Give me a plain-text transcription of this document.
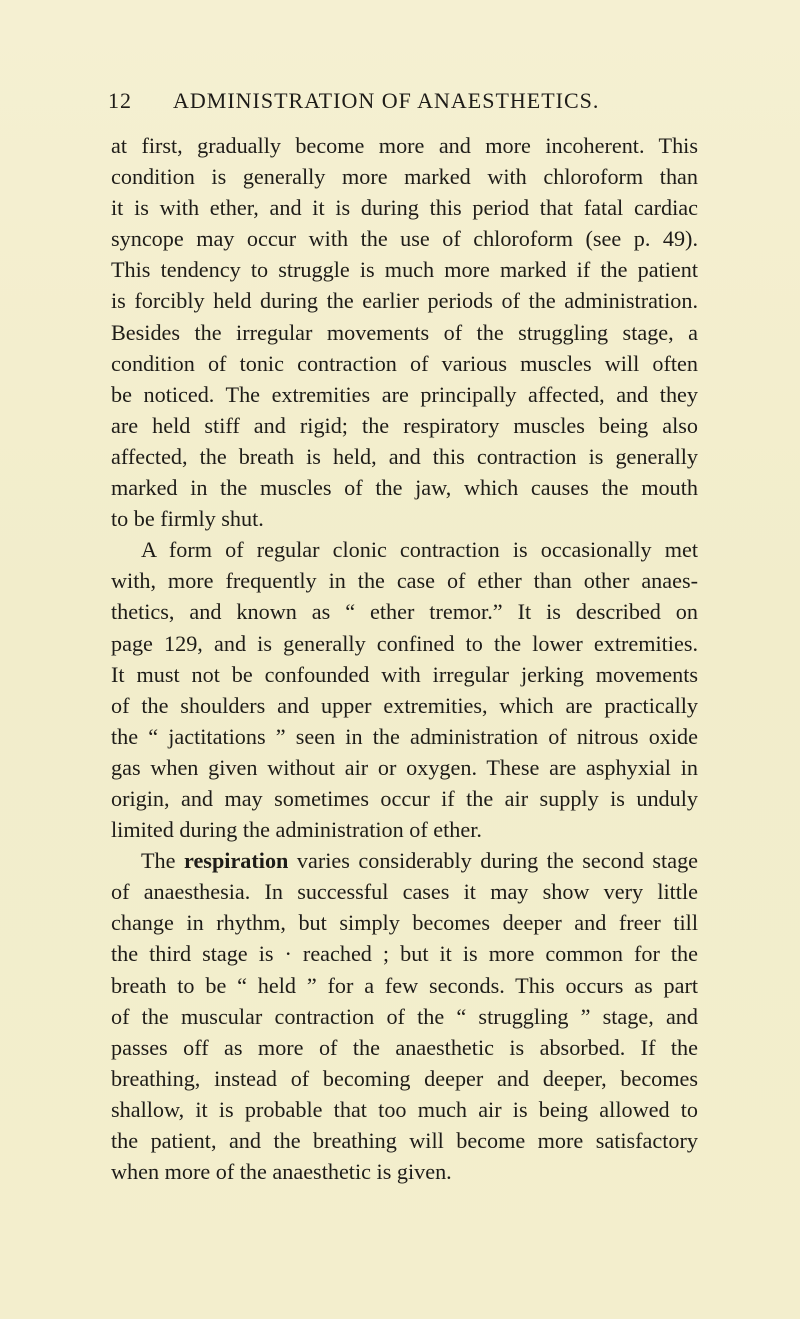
12 ADMINISTRATION OF ANAESTHETICS.
at first, gradually become more and more incoherent. This
condition is generally more marked with chloroform than
it is with ether, and it is during this period that fatal cardiac
syncope may occur with the use of chloroform (see p. 49).
This tendency to struggle is much more marked if the patient
is forcibly held during the earlier periods of the administration.
Besides the irregular movements of the struggling stage, a
condition of tonic contraction of various muscles will often
be noticed. The extremities are principally affected, and they
are held stiff and rigid; the respiratory muscles being also
affected, the breath is held, and this contraction is generally
marked in the muscles of the jaw, which causes the mouth
to be firmly shut.
A form of regular clonic contraction is occasionally met
with, more frequently in the case of ether than other anaes-
thetics, and known as “ ether tremor.” It is described on
page 129, and is generally confined to the lower extremities.
It must not be confounded with irregular jerking movements
of the shoulders and upper extremities, which are practically
the “ jactitations ” seen in the administration of nitrous oxide
gas when given without air or oxygen. These are asphyxial in
origin, and may sometimes occur if the air supply is unduly
limited during the administration of ether.
The respiration varies considerably during the second stage
of anaesthesia. In successful cases it may show very little
change in rhythm, but simply becomes deeper and freer till
the third stage is · reached ; but it is more common for the
breath to be “ held ” for a few seconds. This occurs as part
of the muscular contraction of the “ struggling ” stage, and
passes off as more of the anaesthetic is absorbed. If the
breathing, instead of becoming deeper and deeper, becomes
shallow, it is probable that too much air is being allowed to
the patient, and the breathing will become more satisfactory
when more of the anaesthetic is given.
